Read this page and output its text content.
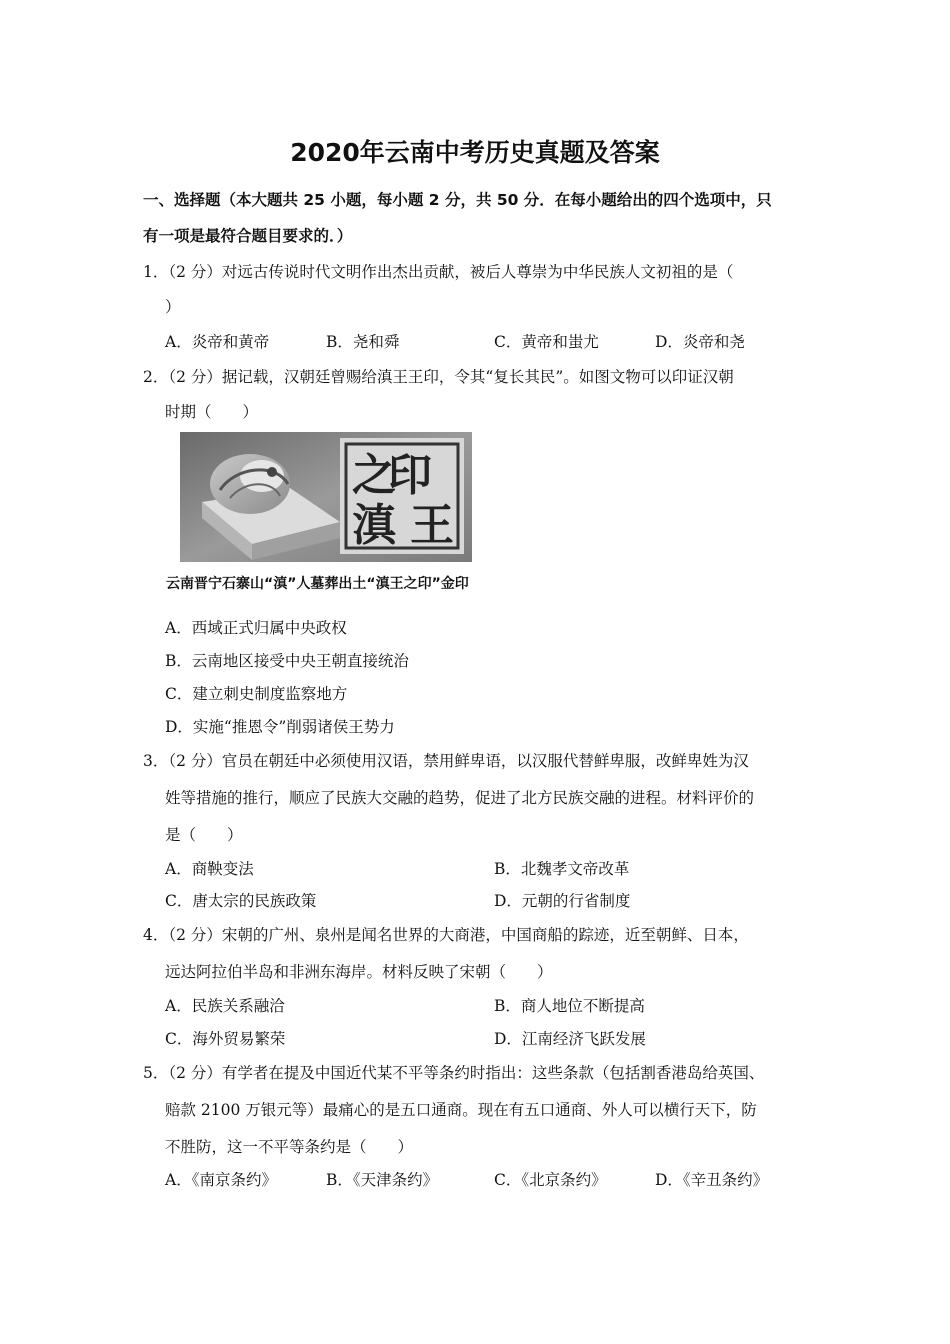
2020年云南中考历史真题及答案
一、选择题（本大题共 25 小题，每小题 2 分，共 50 分．在每小题给出的四个选项中，只
有一项是最符合题目要求的．）
1．（2 分）对远古传说时代文明作出杰出贡献，被后人尊崇为中华民族人文初祖的是（
）
A．炎帝和黄帝	B．尧和舜	C．黄帝和蚩尤	D．炎帝和尧
2．（2 分）据记载，汉朝廷曾赐给滇王王印，令其“复长其民”。如图文物可以印证汉朝
时期（　　）
印
之
王
滇
云南晋宁石寨山“滇”人墓葬出土“滇王之印”金印
A．西域正式归属中央政权
B．云南地区接受中央王朝直接统治
C．建立刺史制度监察地方
D．实施“推恩令”削弱诸侯王势力
3．（2 分）官员在朝廷中必须使用汉语，禁用鲜卑语，以汉服代替鲜卑服，改鲜卑姓为汉
姓等措施的推行，顺应了民族大交融的趋势，促进了北方民族交融的进程。材料评价的
是（　　）
A．商鞅变法	B．北魏孝文帝改革
C．唐太宗的民族政策	D．元朝的行省制度
4．（2 分）宋朝的广州、泉州是闻名世界的大商港，中国商船的踪迹，近至朝鲜、日本，
远达阿拉伯半岛和非洲东海岸。材料反映了宋朝（　　）
A．民族关系融洽	B．商人地位不断提高
C．海外贸易繁荣	D．江南经济飞跃发展
5．（2 分）有学者在提及中国近代某不平等条约时指出：这些条款（包括割香港岛给英国、
赔款 2100 万银元等）最痛心的是五口通商。现在有五口通商、外人可以横行天下，防
不胜防，这一不平等条约是（　　）
A．《南京条约》	B．《天津条约》	C．《北京条约》	D．《辛丑条约》
